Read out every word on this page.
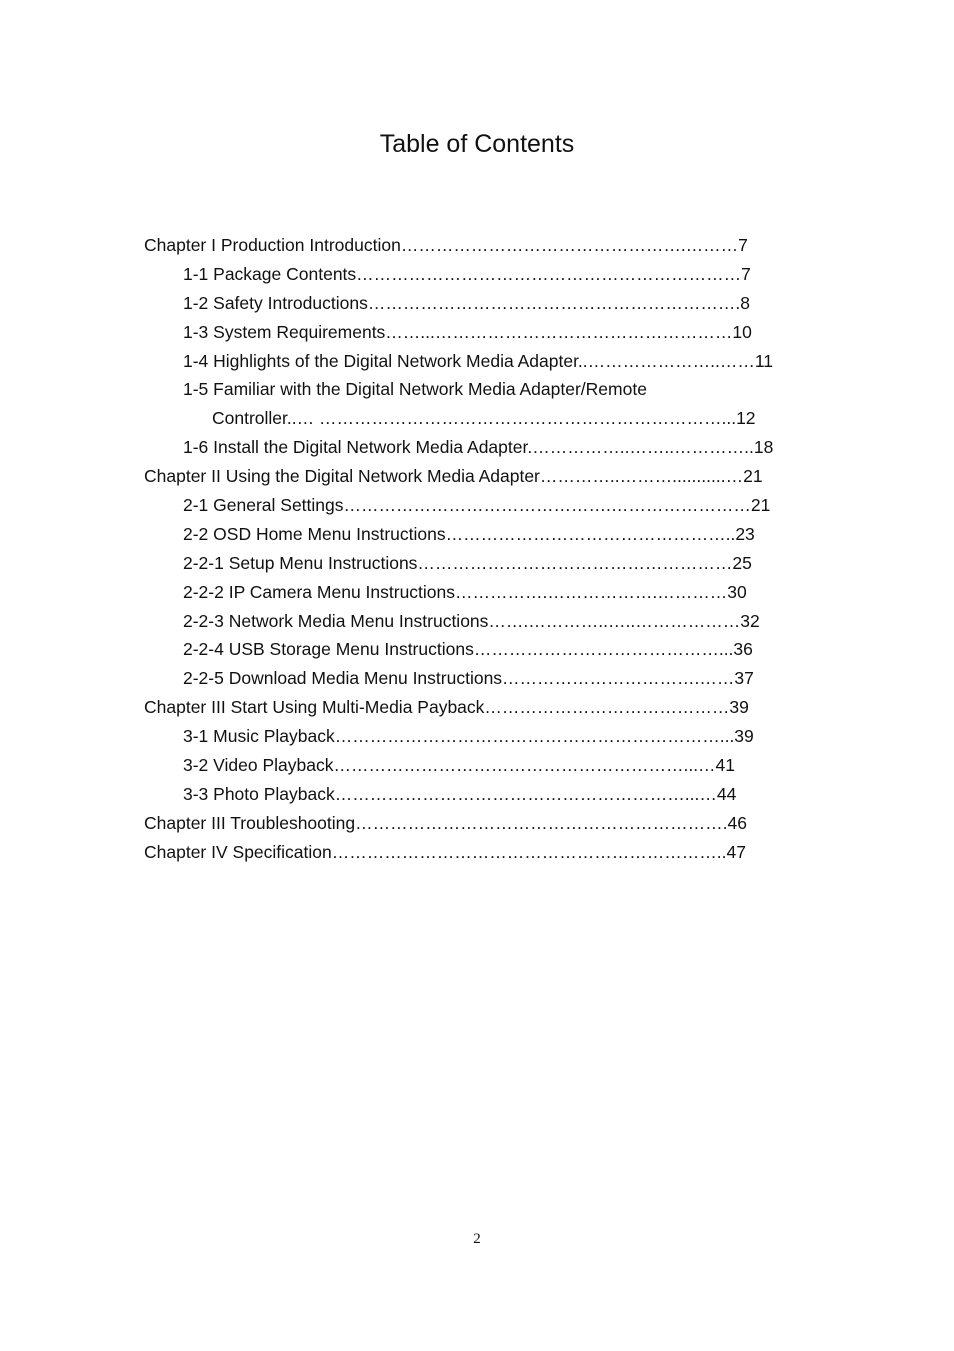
Table of Contents
Chapter I Production Introduction………………………………………….………7
1-1 Package Contents…………………………………………………………7
1-2 Safety Introductions……………………………………………………….8
1-3 System Requirements……...……………………………………………10
1-4 Highlights of the Digital Network Media Adapter..…………………..……11
1-5 Familiar with the Digital Network Media Adapter/Remote
Controller..… ……………………………………………………………...12
1-6 Install the Digital Network Media Adapter.……………..……..…………..18
Chapter II Using the Digital Network Media Adapter…………..………...........…21
2-1 General Settings……………………………………….……………………21
2-2 OSD Home Menu Instructions…………………………………………..23
2-2-1 Setup Menu Instructions………………………………………………25
2-2-2 IP Camera Menu Instructions…………….……………….…………30
2-2-3 Network Media Menu Instructions…….…………..…..………………32
2-2-4 USB Storage Menu Instructions……………………………………...36
2-2-5 Download Media Menu Instructions…………………………….……37
Chapter III Start Using Multi-Media Payback……………………………………39
3-1 Music Playback…………………………………………………………...39
3-2 Video Playback……………………………………………………...…41
3-3 Photo Playback……………………………………………………...…44
Chapter III Troubleshooting……………………………………………………….46
Chapter IV Specification…………………………………………………………..47
2
